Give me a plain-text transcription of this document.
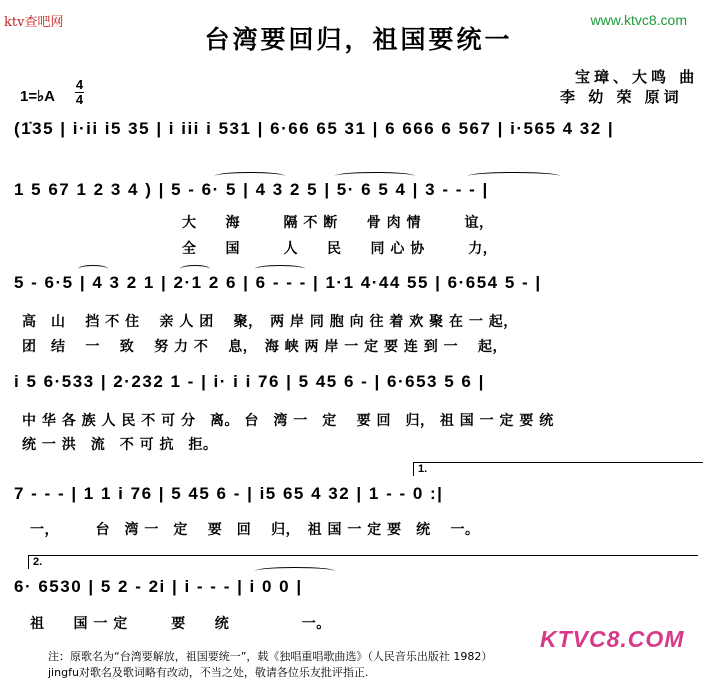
ktv查吧网	www.ktvc8.com
台湾要回归，祖国要统一
宝璋、大鸣 曲
李 幼 荣 原词
1=♭A
4
4
(1̇35 | i·ii i5 35 | i iii i 531 | 6·66 65 31 | 6 666 6 567 | i·565 4 32 |
1 5 67 1 2 3 4 ) | 5 - 6· 5 | 4 3 2 5 | 5· 6 5 4 | 3 - - - |
大　　海　　　隔 不 断　　骨 肉 情　　　谊，
全　　国　　　人　　民　　同 心 协　　　力，
5 - 6·5 | 4 3 2 1 | 2·1 2 6 | 6 - - - | 1·1 4·44 55 | 6·654 5 - |
高　山　 挡 不 住　 亲 人 团　 聚，　两 岸 同 胞 向 往 着 欢 聚 在 一 起，
团　结　 一　 致　 努 力 不　 息，　海 峡 两 岸 一 定 要 连 到 一　 起，
i 5 6·533 | 2·232 1 - | i· i i 76 | 5 45 6 - | 6·653 5 6 |
中 华 各 族 人 民 不 可 分　离。 台　湾 一　定　 要 回　归， 祖 国 一 定 要 统
统 一 洪　流　不 可 抗　拒。
1.
7 - - - | 1 1 i 76 | 5 45 6 - | i5 65 4 32 | 1 - - 0 :|
一，　　　台　湾 一　定　 要　回　 归，　祖 国 一 定 要　统　 一。
2.
6· 6530 | 5 2 - 2i | i - - - | i 0 0 |
祖　　国 一 定　　　要　　统　　　　　一。
注：原歌名为“台湾要解放，祖国要统一”，载《独唱重唱歌曲选》（人民音乐出版社 1982）
jingfu对歌名及歌词略有改动，不当之处，敬请各位乐友批评指正.
KTVC8.COM
